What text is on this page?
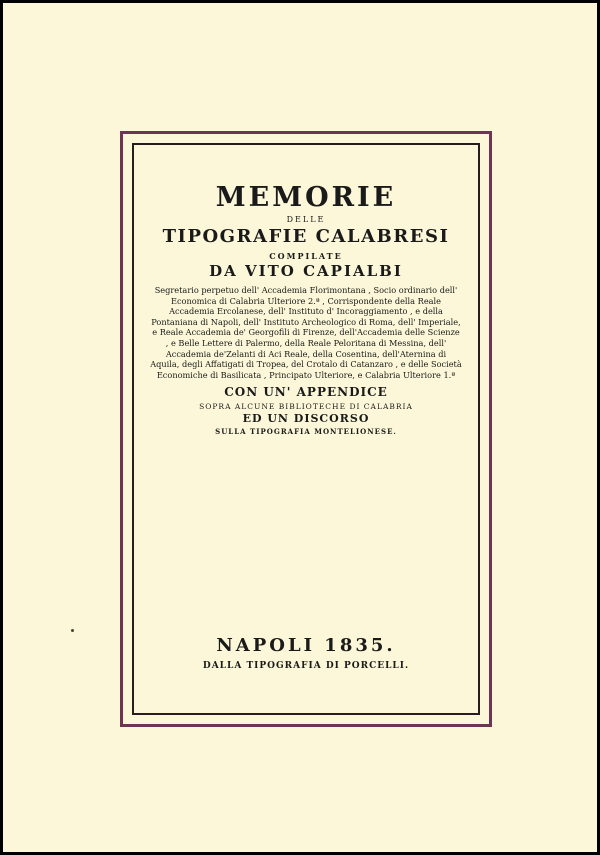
MEMORIE
DELLE
TIPOGRAFIE CALABRESI
COMPILATE
DA VITO CAPIALBI
Segretario perpetuo dell' Accademia Florimontana , Socio ordinario dell' Economica di Calabria Ulteriore 2.ª , Corrispondente della Reale Accademia Ercolanese, dell' Instituto d' Incoraggiamento , e della Pontaniana di Napoli, dell' Instituto Archeologico di Roma, dell' Imperiale, e Reale Accademia de' Georgofili di Firenze, dell'Accademia delle Scienze , e Belle Lettere di Palermo, della Reale Peloritana di Messina, dell' Accademia de'Zelanti di Aci Reale, della Cosentina, dell'Aternina di Aquila, degli Affatigati di Tropea, del Crotalo di Catanzaro , e delle Società Economiche di Basilicata , Principato Ulteriore, e Calabria Ulteriore 1.ª
CON UN' APPENDICE
SOPRA ALCUNE BIBLIOTECHE DI CALABRIA
ED UN DISCORSO
SULLA TIPOGRAFIA MONTELIONESE.
NAPOLI 1835.
DALLA TIPOGRAFIA DI PORCELLI.
